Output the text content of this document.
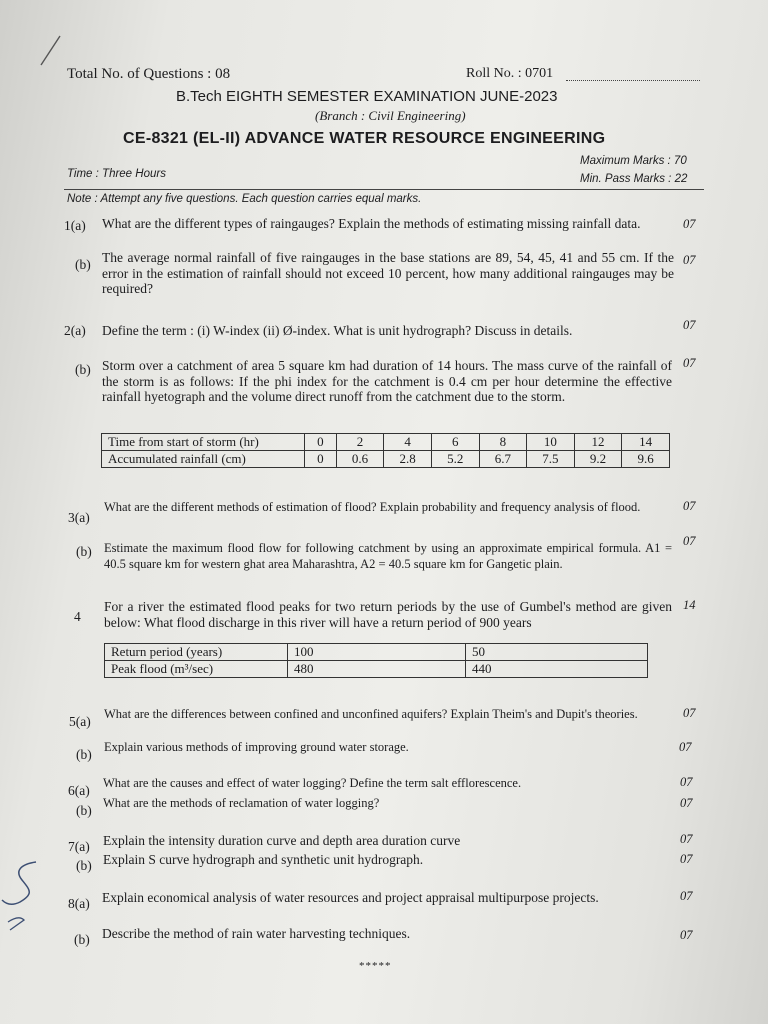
Total No. of Questions : 08	Roll No. : 0701
B.Tech EIGHTH SEMESTER EXAMINATION JUNE-2023
(Branch : Civil Engineering)
CE-8321 (EL-II) ADVANCE WATER RESOURCE ENGINEERING
Time : Three Hours
Maximum Marks : 70
Min. Pass Marks : 22
Note : Attempt any five questions. Each question carries equal marks.
1(a) What are the different types of raingauges? Explain the methods of estimating missing rainfall data.	07
(b) The average normal rainfall of five raingauges in the base stations are 89, 54, 45, 41 and 55 cm. If the error in the estimation of rainfall should not exceed 10 percent, how many additional raingauges may be required?
07
2(a) Define the term : (i) W-index (ii) Ø-index. What is unit hydrograph? Discuss in details.	07
(b) Storm over a catchment of area 5 square km had duration of 14 hours. The mass curve of the rainfall of the storm is as follows: If the phi index for the catchment is 0.4 cm per hour determine the effective rainfall hyetograph and the volume direct runoff from the catchment due to the storm.
07
Time from start of storm (hr)	0	2	4	6	8	10	12	14
Accumulated rainfall (cm)	0	0.6	2.8	5.2	6.7	7.5	9.2	9.6
3(a)
What are the different methods of estimation of flood? Explain probability and frequency analysis of flood.	07
(b) Estimate the maximum flood flow for following catchment by using an approximate empirical formula. A1 = 40.5 square km for western ghat area Maharashtra, A2 = 40.5 square km for Gangetic plain.
07
4
For a river the estimated flood peaks for two return periods by the use of Gumbel's method are given below: What flood discharge in this river will have a return period of 900 years
14
Return period (years)	100	50
Peak flood (m³/sec)	480	440
5(a) What are the differences between confined and unconfined aquifers? Explain Theim's and Dupit's theories.	07
(b) Explain various methods of improving ground water storage.	07
6(a) What are the causes and effect of water logging? Define the term salt efflorescence.	07
(b) What are the methods of reclamation of water logging?	07
7(a) Explain the intensity duration curve and depth area duration curve	07
(b) Explain S curve hydrograph and synthetic unit hydrograph.	07
8(a) Explain economical analysis of water resources and project appraisal multipurpose projects.	07
(b) Describe the method of rain water harvesting techniques.	07
*****
